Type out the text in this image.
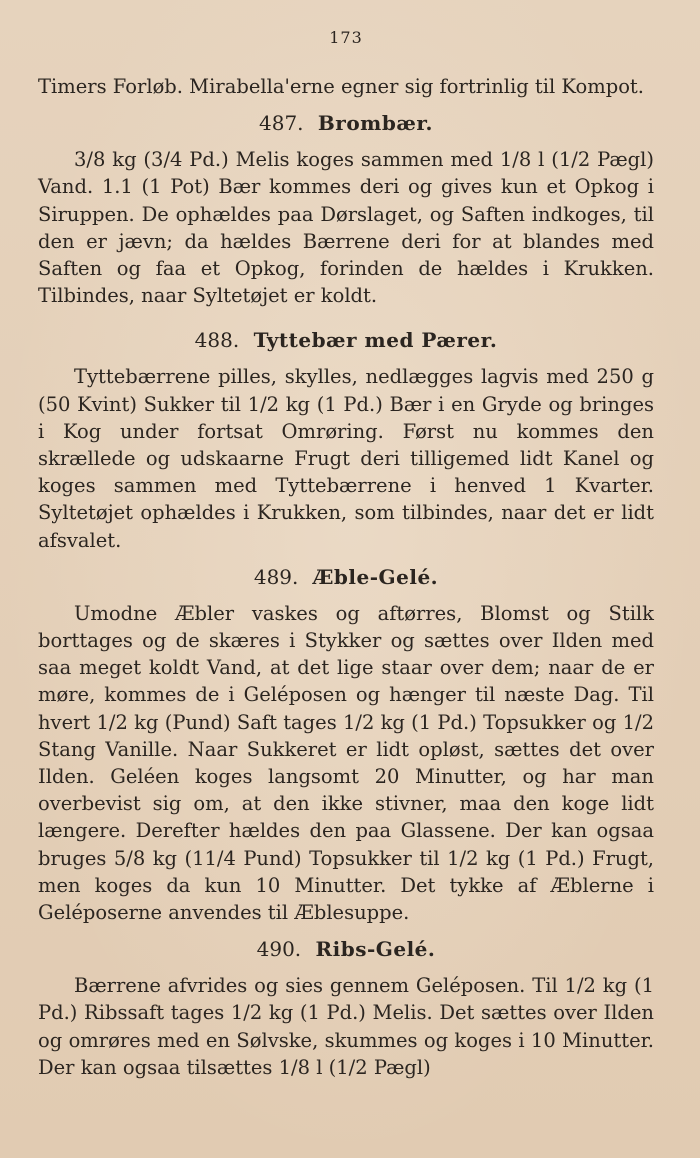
173

Timers Forløb. Mirabella'erne egner sig fortrinlig til Kompot.

487. Brombær.

3/8 kg (3/4 Pd.) Melis koges sammen med 1/8 l (1/2 Pægl) Vand. 1.1 (1 Pot) Bær kommes deri og gives kun et Opkog i Siruppen. De ophældes paa Dørslaget, og Saften indkoges, til den er jævn; da hældes Bærrene deri for at blandes med Saften og faa et Opkog, forinden de hældes i Krukken. Tilbindes, naar Syltetøjet er koldt.

488. Tyttebær med Pærer.

Tyttebærrene pilles, skylles, nedlægges lagvis med 250 g (50 Kvint) Sukker til 1/2 kg (1 Pd.) Bær i en Gryde og bringes i Kog under fortsat Omrøring. Først nu kommes den skrællede og udskaarne Frugt deri tilligemed lidt Kanel og koges sammen med Tyttebærrene i henved 1 Kvarter. Syltetøjet ophældes i Krukken, som tilbindes, naar det er lidt afsvalet.

489. Æble-Gelé.

Umodne Æbler vaskes og aftørres, Blomst og Stilk borttages og de skæres i Stykker og sættes over Ilden med saa meget koldt Vand, at det lige staar over dem; naar de er møre, kommes de i Geléposen og hænger til næste Dag. Til hvert 1/2 kg (Pund) Saft tages 1/2 kg (1 Pd.) Topsukker og 1/2 Stang Vanille. Naar Sukkeret er lidt opløst, sættes det over Ilden. Geléen koges langsomt 20 Minutter, og har man overbevist sig om, at den ikke stivner, maa den koge lidt længere. Derefter hældes den paa Glassene. Der kan ogsaa bruges 5/8 kg (11/4 Pund) Topsukker til 1/2 kg (1 Pd.) Frugt, men koges da kun 10 Minutter. Det tykke af Æblerne i Geléposerne anvendes til Æblesuppe.

490. Ribs-Gelé.

Bærrene afvrides og sies gennem Geléposen. Til 1/2 kg (1 Pd.) Ribssaft tages 1/2 kg (1 Pd.) Melis. Det sættes over Ilden og omrøres med en Sølvske, skummes og koges i 10 Minutter. Der kan ogsaa tilsættes 1/8 l (1/2 Pægl)
